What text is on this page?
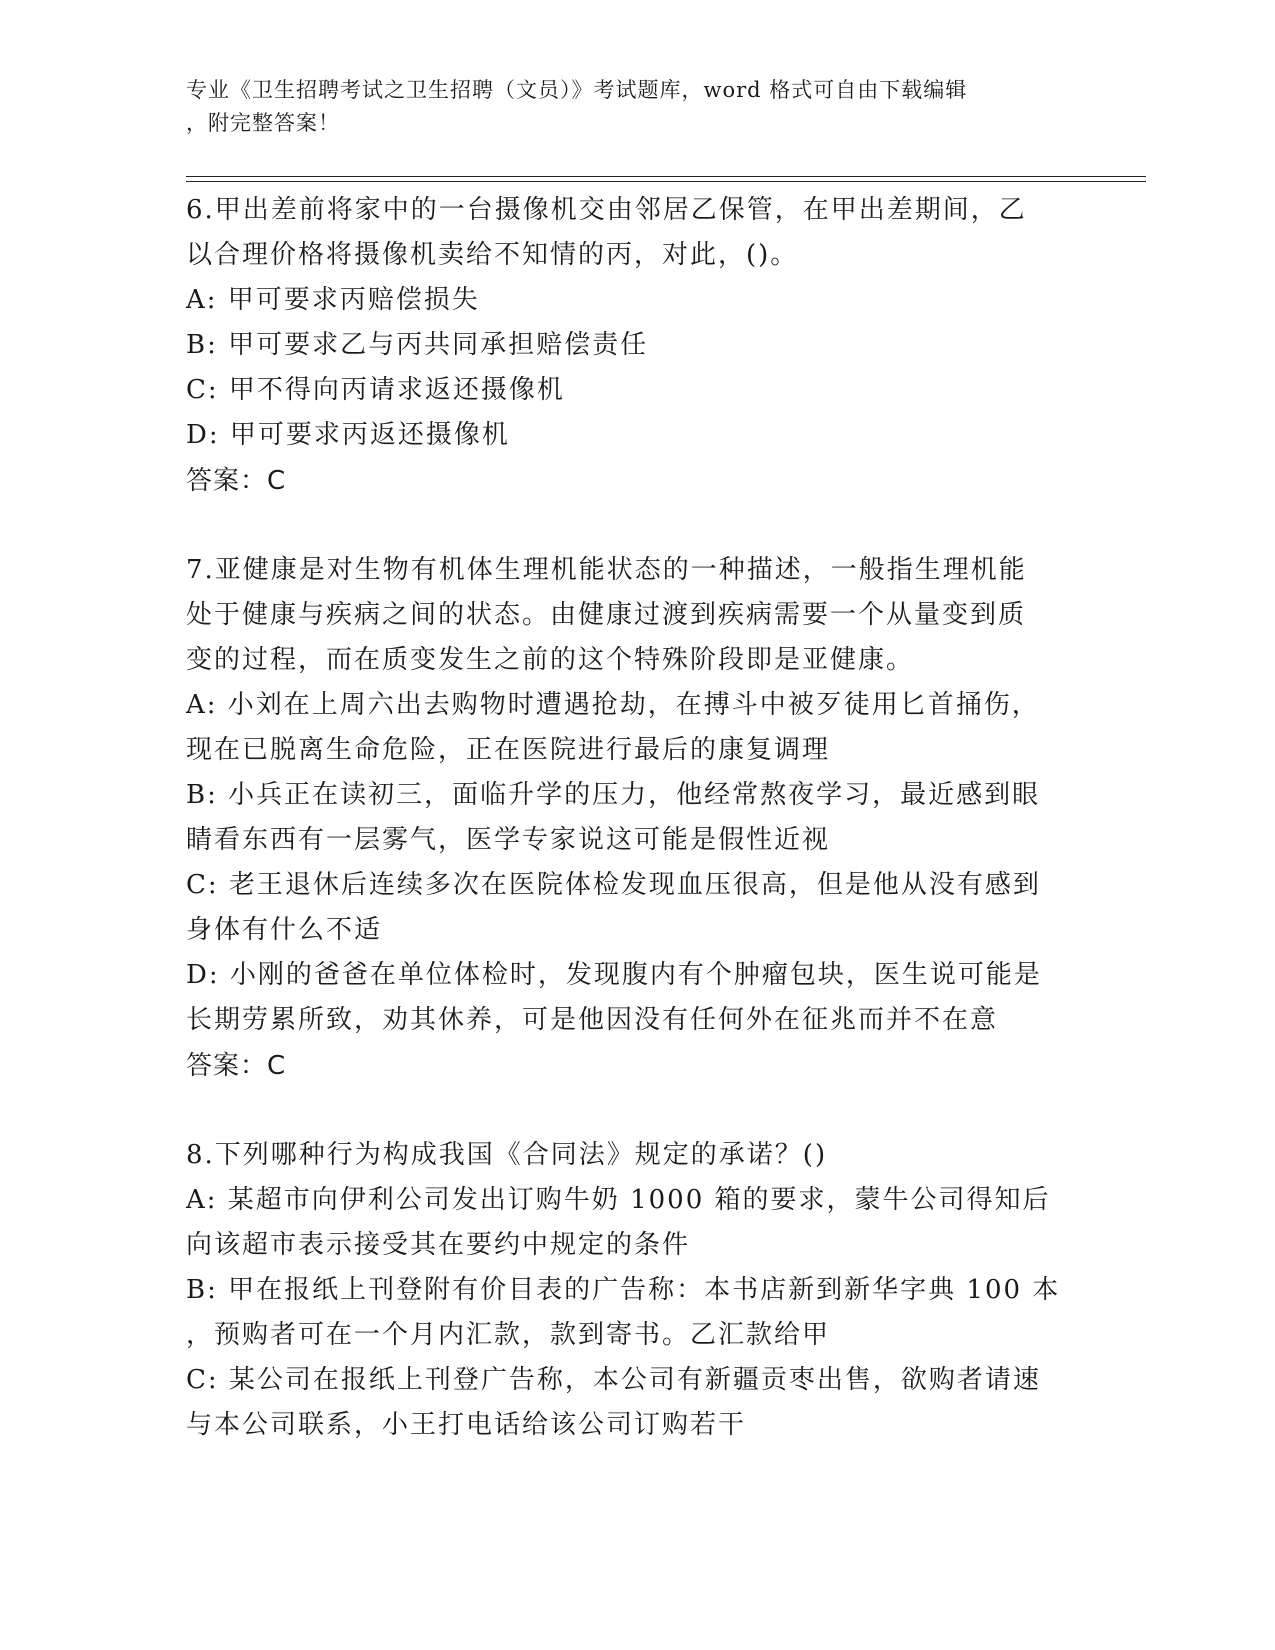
专业《卫生招聘考试之卫生招聘（文员）》考试题库，word 格式可自由下载编辑
，附完整答案！
6.甲出差前将家中的一台摄像机交由邻居乙保管，在甲出差期间，乙
以合理价格将摄像机卖给不知情的丙，对此，()。
A: 甲可要求丙赔偿损失
B: 甲可要求乙与丙共同承担赔偿责任
C: 甲不得向丙请求返还摄像机
D: 甲可要求丙返还摄像机
答案：C
7.亚健康是对生物有机体生理机能状态的一种描述，一般指生理机能
处于健康与疾病之间的状态。由健康过渡到疾病需要一个从量变到质
变的过程，而在质变发生之前的这个特殊阶段即是亚健康。
A: 小刘在上周六出去购物时遭遇抢劫，在搏斗中被歹徒用匕首捅伤，
现在已脱离生命危险，正在医院进行最后的康复调理
B: 小兵正在读初三，面临升学的压力，他经常熬夜学习，最近感到眼
睛看东西有一层雾气，医学专家说这可能是假性近视
C: 老王退休后连续多次在医院体检发现血压很高，但是他从没有感到
身体有什么不适
D: 小刚的爸爸在单位体检时，发现腹内有个肿瘤包块，医生说可能是
长期劳累所致，劝其休养，可是他因没有任何外在征兆而并不在意
答案：C
8.下列哪种行为构成我国《合同法》规定的承诺？()
A: 某超市向伊利公司发出订购牛奶 1000 箱的要求，蒙牛公司得知后
向该超市表示接受其在要约中规定的条件
B: 甲在报纸上刊登附有价目表的广告称：本书店新到新华字典 100 本
，预购者可在一个月内汇款，款到寄书。乙汇款给甲
C: 某公司在报纸上刊登广告称，本公司有新疆贡枣出售，欲购者请速
与本公司联系，小王打电话给该公司订购若干
